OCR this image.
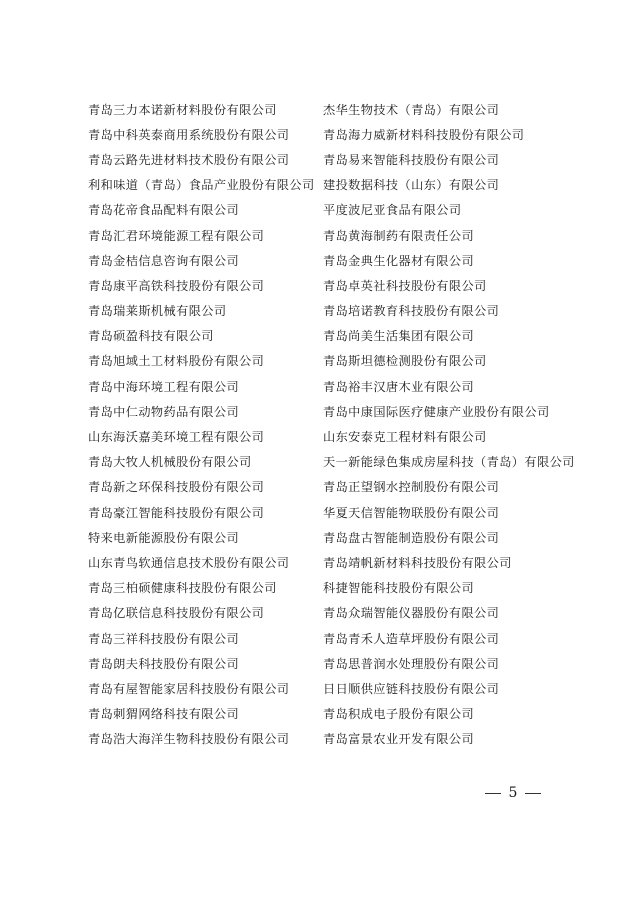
青岛三力本诺新材料股份有限公司	杰华生物技术（青岛）有限公司
青岛中科英泰商用系统股份有限公司	青岛海力威新材料科技股份有限公司
青岛云路先进材料技术股份有限公司	青岛易来智能科技股份有限公司
利和味道（青岛）食品产业股份有限公司 建投数据科技（山东）有限公司
青岛花帝食品配料有限公司	平度波尼亚食品有限公司
青岛汇君环境能源工程有限公司	青岛黄海制药有限责任公司
青岛金桔信息咨询有限公司	青岛金典生化器材有限公司
青岛康平高铁科技股份有限公司	青岛卓英社科技股份有限公司
青岛瑞莱斯机械有限公司	青岛培诺教育科技股份有限公司
青岛硕盈科技有限公司	青岛尚美生活集团有限公司
青岛旭域土工材料股份有限公司	青岛斯坦德检测股份有限公司
青岛中海环境工程有限公司	青岛裕丰汉唐木业有限公司
青岛中仁动物药品有限公司	青岛中康国际医疗健康产业股份有限公司
山东海沃嘉美环境工程有限公司	山东安泰克工程材料有限公司
青岛大牧人机械股份有限公司	天一新能绿色集成房屋科技（青岛）有限公司
青岛新之环保科技股份有限公司	青岛正望钢水控制股份有限公司
青岛豪江智能科技股份有限公司	华夏天信智能物联股份有限公司
特来电新能源股份有限公司	青岛盘古智能制造股份有限公司
山东青鸟软通信息技术股份有限公司	青岛靖帆新材料科技股份有限公司
青岛三柏硕健康科技股份有限公司	科捷智能科技股份有限公司
青岛亿联信息科技股份有限公司	青岛众瑞智能仪器股份有限公司
青岛三祥科技股份有限公司	青岛青禾人造草坪股份有限公司
青岛朗夫科技股份有限公司	青岛思普润水处理股份有限公司
青岛有屋智能家居科技股份有限公司	日日顺供应链科技股份有限公司
青岛刺猬网络科技有限公司	青岛积成电子股份有限公司
青岛浩大海洋生物科技股份有限公司	青岛富景农业开发有限公司
5
